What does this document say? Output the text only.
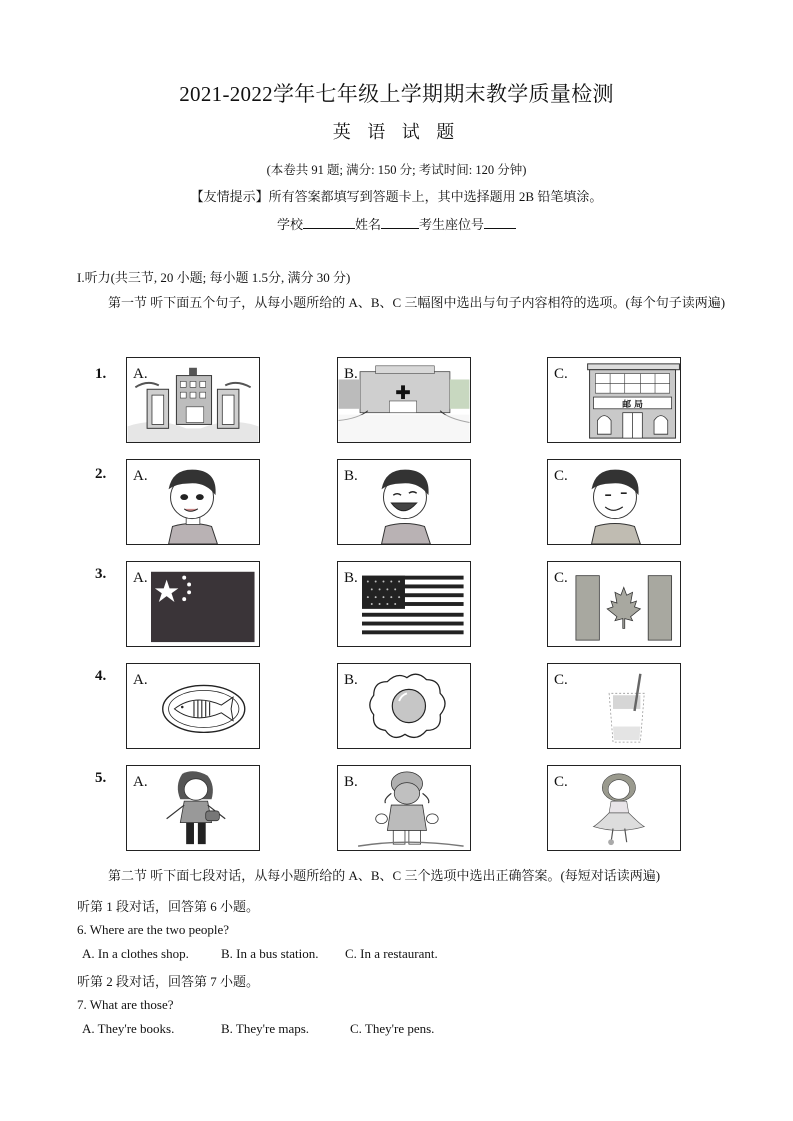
2021-2022学年七年级上学期期末教学质量检测
英 语 试 题
(本卷共 91 题; 满分: 150 分; 考试时间: 120 分钟)
【友情提示】所有答案都填写到答题卡上，其中选择题用 2B 铅笔填涂。
学校	姓名	考生座位号
I.听力(共三节, 20 小题; 每小题 1.5分, 满分 30 分)
第一节 听下面五个句子，从每小题所给的 A、B、C 三幅图中选出与句子内容相符的选项。(每个句子读两遍)
1. A.	B.	C.
邮 局
2. A.	B.	C.
3. A.	B.	C.
4. A.	B.	C.
5. A.	B.	C.
第二节 听下面七段对话，从每小题所给的 A、B、C 三个选项中选出正确答案。(每短对话读两遍)
听第 1 段对话，回答第 6 小题。
6. Where are the two people?
A. In a clothes shop. B. In a bus station. C. In a restaurant.
听第 2 段对话，回答第 7 小题。
7. What are those?
A. They're books.	B. They're maps.	C. They're pens.
